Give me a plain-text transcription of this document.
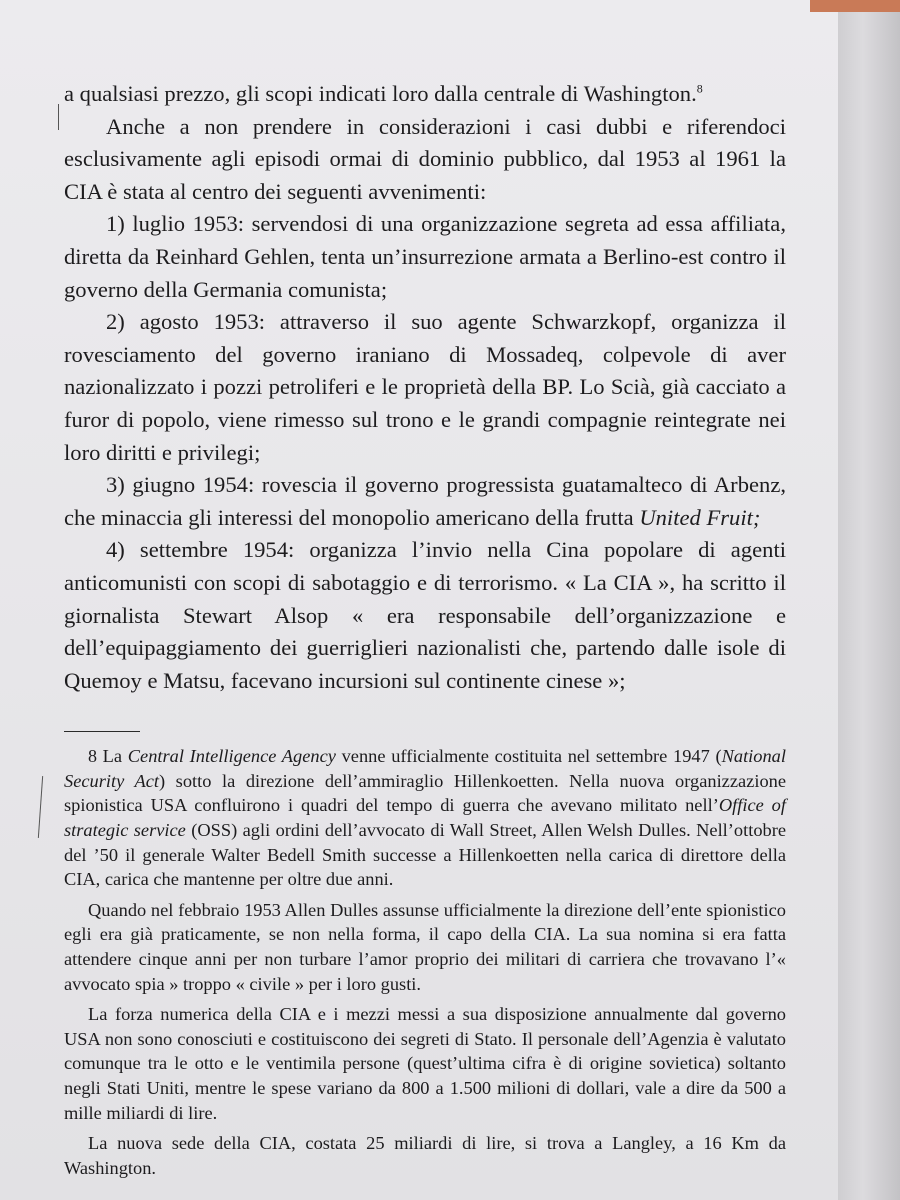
a qualsiasi prezzo, gli scopi indicati loro dalla centrale di Washington.$^8$

Anche a non prendere in considerazioni i casi dubbi e riferendoci esclusivamente agli episodi ormai di dominio pubblico, dal 1953 al 1961 la CIA è stata al centro dei seguenti avvenimenti:

1) luglio 1953: servendosi di una organizzazione segreta ad essa affiliata, diretta da Reinhard Gehlen, tenta un’insurrezione armata a Berlino-est contro il governo della Germania comunista;

2) agosto 1953: attraverso il suo agente Schwarzkopf, organizza il rovesciamento del governo iraniano di Mossadeq, colpevole di aver nazionalizzato i pozzi petroliferi e le proprietà della BP. Lo Scià, già cacciato a furor di popolo, viene rimesso sul trono e le grandi compagnie reintegrate nei loro diritti e privilegi;

3) giugno 1954: rovescia il governo progressista guatamalteco di Arbenz, che minaccia gli interessi del monopolio americano della frutta United Fruit;

4) settembre 1954: organizza l’invio nella Cina popolare di agenti anticomunisti con scopi di sabotaggio e di terrorismo. « La CIA », ha scritto il giornalista Stewart Alsop « era responsabile dell’organizzazione e dell’equipaggiamento dei guerriglieri nazionalisti che, partendo dalle isole di Quemoy e Matsu, facevano incursioni sul continente cinese »;

8 La Central Intelligence Agency venne ufficialmente costituita nel settembre 1947 (National Security Act) sotto la direzione dell’ammiraglio Hillenkoetten. Nella nuova organizzazione spionistica USA confluirono i quadri del tempo di guerra che avevano militato nell’Office of strategic service (OSS) agli ordini dell’avvocato di Wall Street, Allen Welsh Dulles. Nell’ottobre del ’50 il generale Walter Bedell Smith successe a Hillenkoetten nella carica di direttore della CIA, carica che mantenne per oltre due anni.

Quando nel febbraio 1953 Allen Dulles assunse ufficialmente la direzione dell’ente spionistico egli era già praticamente, se non nella forma, il capo della CIA. La sua nomina si era fatta attendere cinque anni per non turbare l’amor proprio dei militari di carriera che trovavano l’« avvocato spia » troppo « civile » per i loro gusti.

La forza numerica della CIA e i mezzi messi a sua disposizione annualmente dal governo USA non sono conosciuti e costituiscono dei segreti di Stato. Il personale dell’Agenzia è valutato comunque tra le otto e le ventimila persone (quest’ultima cifra è di origine sovietica) soltanto negli Stati Uniti, mentre le spese variano da 800 a 1.500 milioni di dollari, vale a dire da 500 a mille miliardi di lire.

La nuova sede della CIA, costata 25 miliardi di lire, si trova a Langley, a 16 Km da Washington.
